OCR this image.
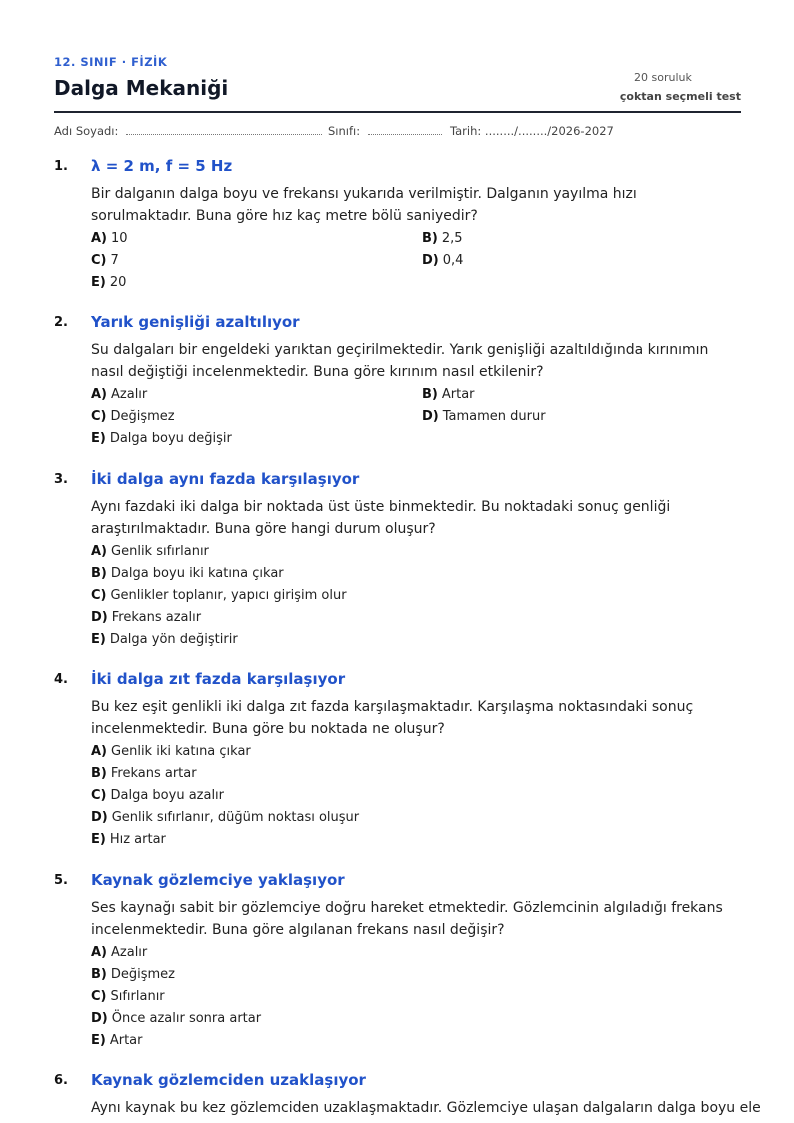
12. SINIF · FİZİK
Dalga Mekaniği	20 soruluk
çoktan seçmeli test
Adı Soyadı:	Sınıfı:	Tarih: ......../......../2026-2027
1. λ = 2 m, f = 5 Hz
Bir dalganın dalga boyu ve frekansı yukarıda verilmiştir. Dalganın yayılma hızı sorulmaktadır. Buna göre hız kaç metre bölü saniyedir?
A) 10	B) 2,5
C) 7	D) 0,4
E) 20
2. Yarık genişliği azaltılıyor
Su dalgaları bir engeldeki yarıktan geçirilmektedir. Yarık genişliği azaltıldığında kırınımın nasıl değiştiği incelenmektedir. Buna göre kırınım nasıl etkilenir?
A) Azalır	B) Artar
C) Değişmez	D) Tamamen durur
E) Dalga boyu değişir
3. İki dalga aynı fazda karşılaşıyor
Aynı fazdaki iki dalga bir noktada üst üste binmektedir. Bu noktadaki sonuç genliği araştırılmaktadır. Buna göre hangi durum oluşur?
A) Genlik sıfırlanır
B) Dalga boyu iki katına çıkar
C) Genlikler toplanır, yapıcı girişim olur
D) Frekans azalır
E) Dalga yön değiştirir
4. İki dalga zıt fazda karşılaşıyor
Bu kez eşit genlikli iki dalga zıt fazda karşılaşmaktadır. Karşılaşma noktasındaki sonuç incelenmektedir. Buna göre bu noktada ne oluşur?
A) Genlik iki katına çıkar
B) Frekans artar
C) Dalga boyu azalır
D) Genlik sıfırlanır, düğüm noktası oluşur
E) Hız artar
5. Kaynak gözlemciye yaklaşıyor
Ses kaynağı sabit bir gözlemciye doğru hareket etmektedir. Gözlemcinin algıladığı frekans incelenmektedir. Buna göre algılanan frekans nasıl değişir?
A) Azalır
B) Değişmez
C) Sıfırlanır
D) Önce azalır sonra artar
E) Artar
6. Kaynak gözlemciden uzaklaşıyor
Aynı kaynak bu kez gözlemciden uzaklaşmaktadır. Gözlemciye ulaşan dalgaların dalga boyu ele
